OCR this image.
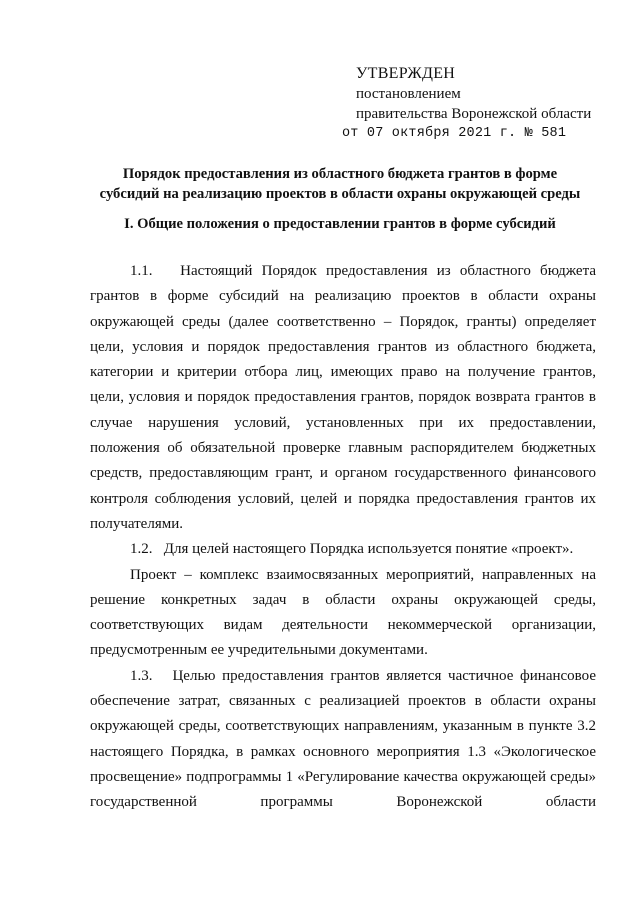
УТВЕРЖДЕН
постановлением
правительства Воронежской области
от 07 октября 2021 г. № 581
Порядок предоставления из областного бюджета грантов в форме
субсидий на реализацию проектов в области охраны окружающей среды
I. Общие положения о предоставлении грантов в форме субсидий

1.1.   Настоящий Порядок предоставления из областного бюджета грантов в форме субсидий на реализацию проектов в области охраны окружающей среды (далее соответственно – Порядок, гранты) определяет цели, условия и порядок предоставления грантов из областного бюджета, категории и критерии отбора лиц, имеющих право на получение грантов, цели, условия и порядок предоставления грантов, порядок возврата грантов в случае нарушения условий, установленных при их предоставлении, положения об обязательной проверке главным распорядителем бюджетных средств, предоставляющим грант, и органом государственного финансового контроля соблюдения условий, целей и порядка предоставления грантов их получателями.

1.2.   Для целей настоящего Порядка используется понятие «проект».

Проект – комплекс взаимосвязанных мероприятий, направленных на решение конкретных задач в области охраны окружающей среды, соответствующих видам деятельности некоммерческой организации, предусмотренным ее учредительными документами.

1.3.   Целью предоставления грантов является частичное финансовое обеспечение затрат, связанных с реализацией проектов в области охраны окружающей среды, соответствующих направлениям, указанным в пункте 3.2 настоящего Порядка, в рамках основного мероприятия 1.3 «Экологическое просвещение» подпрограммы 1 «Регулирование качества окружающей среды» государственной программы Воронежской области
